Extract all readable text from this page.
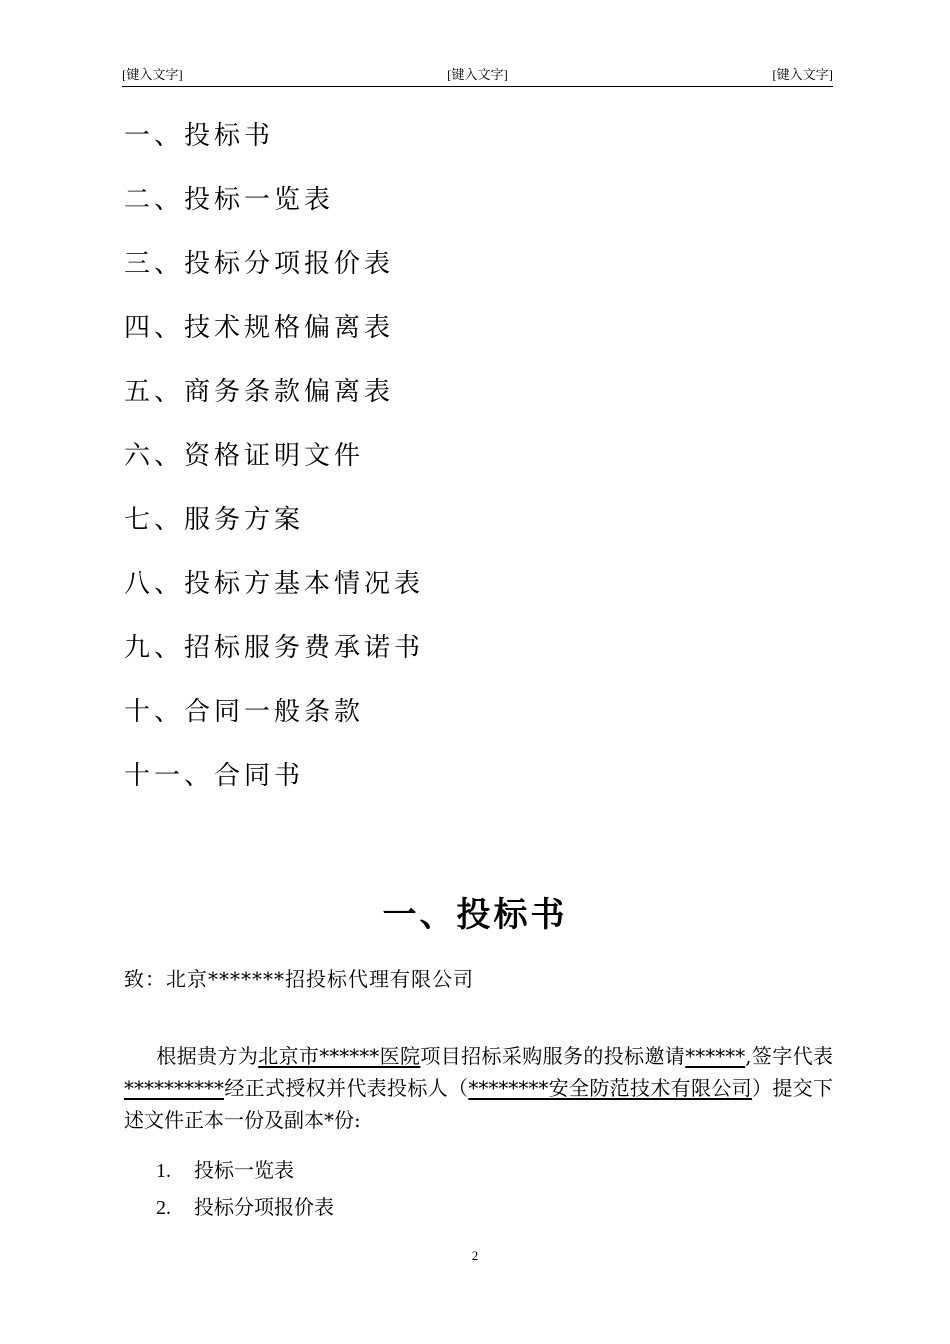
[键入文字]	[键入文字]	[键入文字]
一、投标书
二、投标一览表
三、投标分项报价表
四、技术规格偏离表
五、商务条款偏离表
六、资格证明文件
七、服务方案
八、投标方基本情况表
九、招标服务费承诺书
十、合同一般条款
十一、合同书
一、投标书
致：北京*******招投标代理有限公司

根据贵方为北京市******医院项目招标采购服务的投标邀请******,签字代表**********经正式授权并代表投标人（********安全防范技术有限公司）提交下述文件正本一份及副本*份:

1. 投标一览表
2. 投标分项报价表
2
